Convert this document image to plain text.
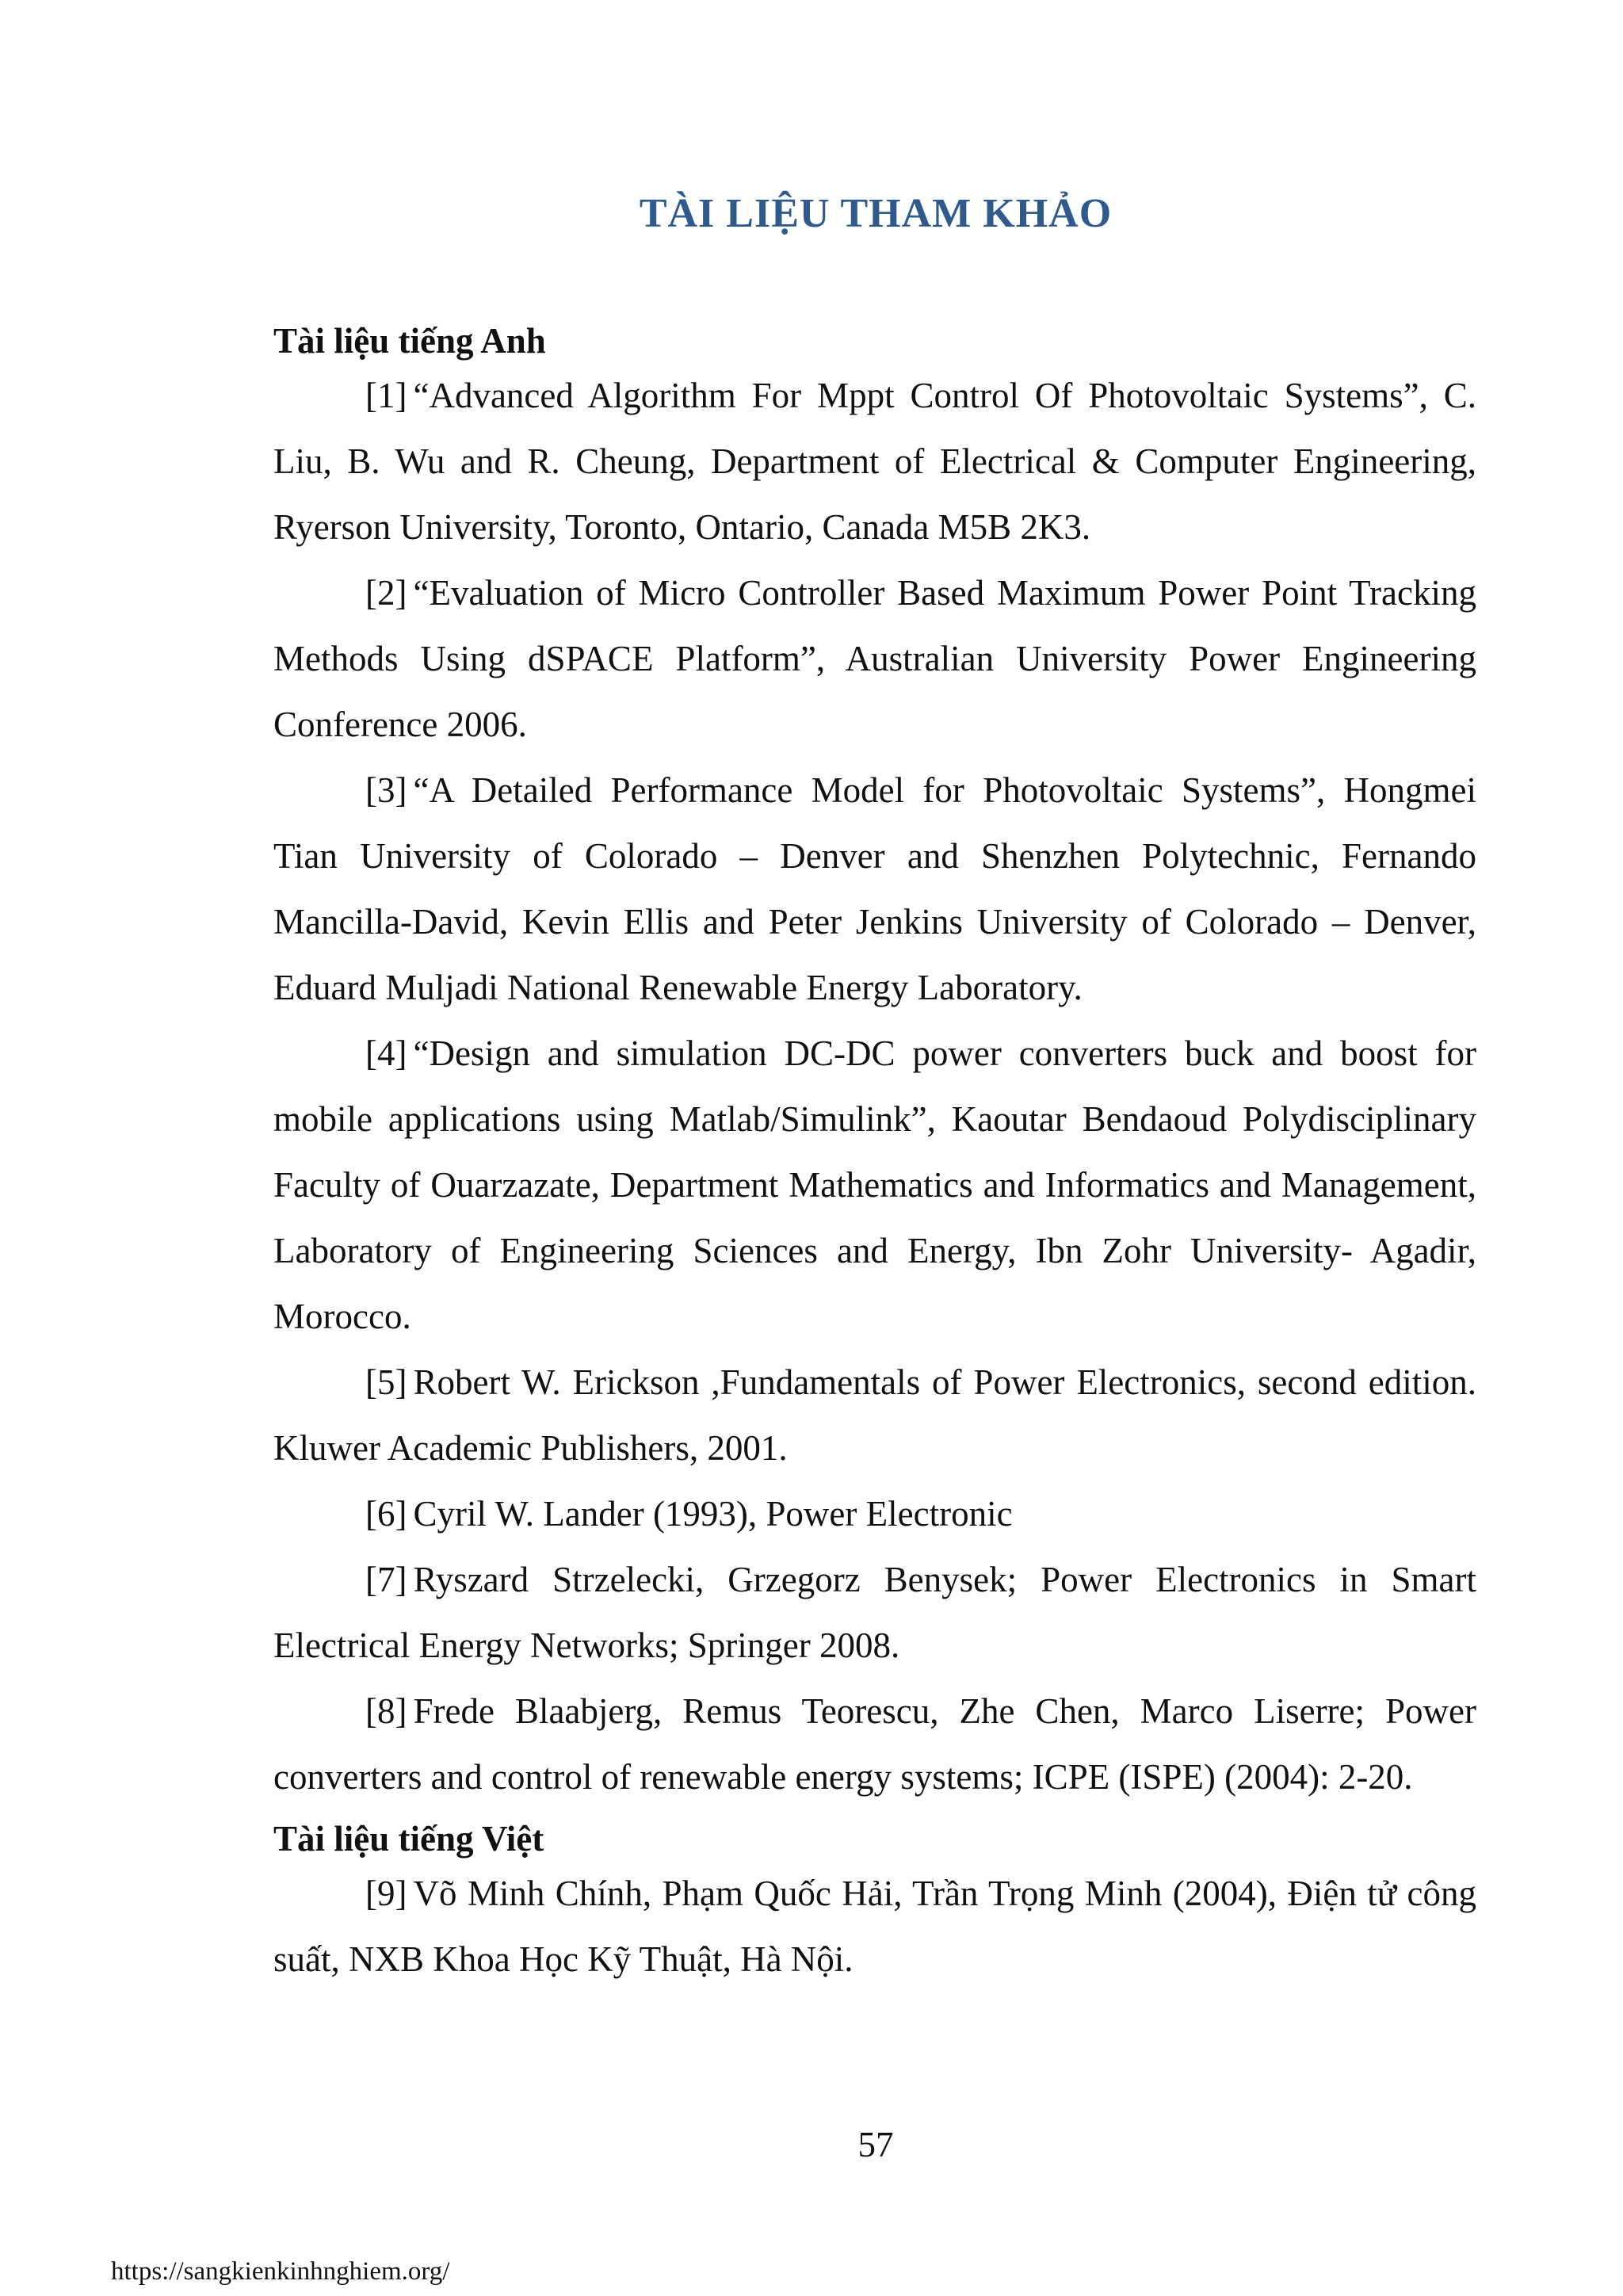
TÀI LIỆU THAM KHẢO

Tài liệu tiếng Anh

[1] “Advanced Algorithm For Mppt Control Of Photovoltaic Systems”, C. Liu, B. Wu and R. Cheung, Department of Electrical & Computer Engineering, Ryerson University, Toronto, Ontario, Canada M5B 2K3.

[2] “Evaluation of Micro Controller Based Maximum Power Point Tracking Methods Using dSPACE Platform”, Australian University Power Engineering Conference 2006.

[3] “A Detailed Performance Model for Photovoltaic Systems”, Hongmei Tian University of Colorado – Denver and Shenzhen Polytechnic, Fernando Mancilla-David, Kevin Ellis and Peter Jenkins University of Colorado – Denver, Eduard Muljadi National Renewable Energy Laboratory.

[4] “Design and simulation DC-DC power converters buck and boost for mobile applications using Matlab/Simulink”, Kaoutar Bendaoud Polydisciplinary Faculty of Ouarzazate, Department Mathematics and Informatics and Management, Laboratory of Engineering Sciences and Energy, Ibn Zohr University- Agadir, Morocco.

[5] Robert W. Erickson ,Fundamentals of Power Electronics, second edition. Kluwer Academic Publishers, 2001.

[6] Cyril W. Lander (1993), Power Electronic

[7] Ryszard Strzelecki, Grzegorz Benysek; Power Electronics in Smart Electrical Energy Networks; Springer 2008.

[8] Frede Blaabjerg, Remus Teorescu, Zhe Chen, Marco Liserre; Power converters and control of renewable energy systems; ICPE (ISPE) (2004): 2-20.

Tài liệu tiếng Việt

[9] Võ Minh Chính, Phạm Quốc Hải, Trần Trọng Minh (2004), Điện tử công suất, NXB Khoa Học Kỹ Thuật, Hà Nội.

57

https://sangkienkinhnghiem.org/
